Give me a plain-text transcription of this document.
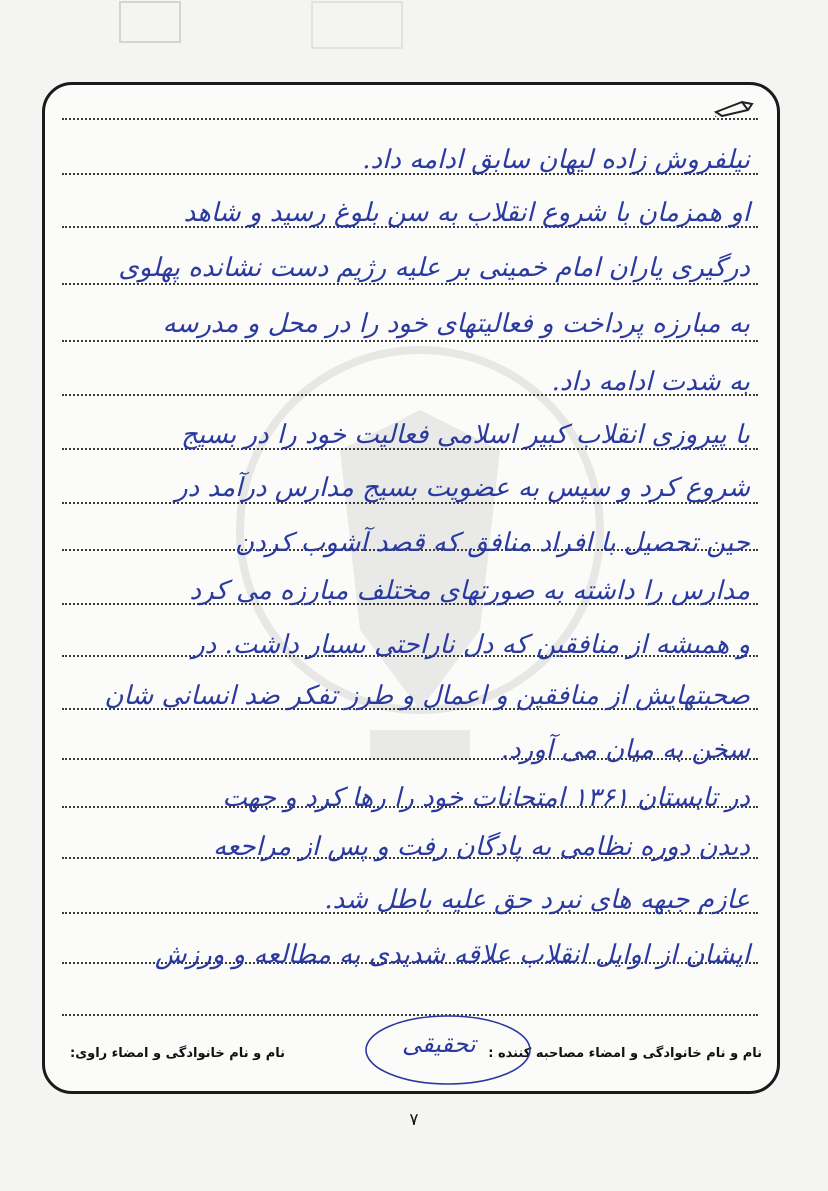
:
نیلفروش زاده لیهان سابق ادامه داد.
او همزمان با شروع انقلاب به سن بلوغ رسید و شاهد
درگیری یاران امام خمینی بر علیه رژیم دست نشانده پهلوی
به مبارزه پرداخت و فعالیتهای خود را در محل و مدرسه
به شدت ادامه داد.
با پیروزی انقلاب کبیر اسلامی فعالیت خود را در بسیج
شروع کرد و سپس به عضویت بسیج مدارس درآمد در
حین تحصیل با افراد منافق که قصد آشوب کردن
مدارس را داشته به صورتهای مختلف مبارزه می کرد
و همیشه از منافقین که دل ناراحتی بسیار داشت. در
صحبتهایش از منافقین و اعمال و طرز تفکر ضد انسانی شان
سخن به میان می آورد.
در تابستان ۱۳۶۱ امتحانات خود را رها کرد و جهت
دیدن دوره نظامی به پادگان رفت و پس از مراجعه
عازم جبهه های نبرد حق علیه باطل شد.
ایشان از اوایل انقلاب علاقه شدیدی به مطالعه و ورزش
نام و نام خانوادگی و امضاء راوی:	نام و نام خانوادگی و امضاء مصاحبه کننده :
تحقیقی
۷
